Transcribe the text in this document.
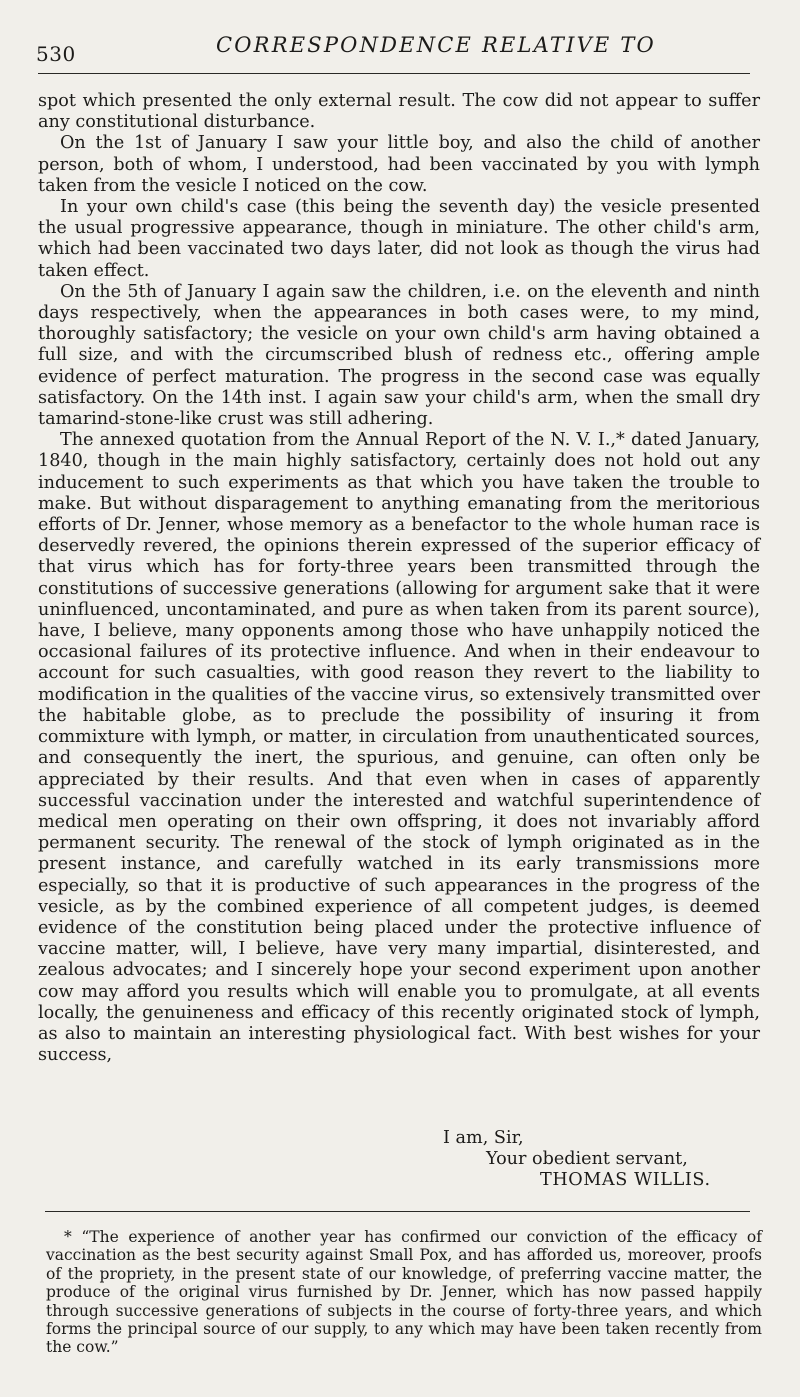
530	CORRESPONDENCE RELATIVE TO

spot which presented the only external result. The cow did not appear to suffer any constitutional disturbance.

On the 1st of January I saw your little boy, and also the child of another person, both of whom, I understood, had been vaccinated by you with lymph taken from the vesicle I noticed on the cow.

In your own child's case (this being the seventh day) the vesicle presented the usual progressive appearance, though in miniature. The other child's arm, which had been vaccinated two days later, did not look as though the virus had taken effect.

On the 5th of January I again saw the children, i.e. on the eleventh and ninth days respectively, when the appearances in both cases were, to my mind, thoroughly satisfactory; the vesicle on your own child's arm having obtained a full size, and with the circumscribed blush of redness etc., offering ample evidence of perfect maturation. The progress in the second case was equally satisfactory. On the 14th inst. I again saw your child's arm, when the small dry tamarind-stone-like crust was still adhering.

The annexed quotation from the Annual Report of the N. V. I.,* dated January, 1840, though in the main highly satisfactory, certainly does not hold out any inducement to such experiments as that which you have taken the trouble to make. But without disparagement to anything emanating from the meritorious efforts of Dr. Jenner, whose memory as a benefactor to the whole human race is deservedly revered, the opinions therein expressed of the superior efficacy of that virus which has for forty-three years been transmitted through the constitutions of successive generations (allowing for argument sake that it were uninfluenced, uncontaminated, and pure as when taken from its parent source), have, I believe, many opponents among those who have unhappily noticed the occasional failures of its protective influence. And when in their endeavour to account for such casualties, with good reason they revert to the liability to modification in the qualities of the vaccine virus, so extensively transmitted over the habitable globe, as to preclude the possibility of insuring it from commixture with lymph, or matter, in circulation from unauthenticated sources, and consequently the inert, the spurious, and genuine, can often only be appreciated by their results. And that even when in cases of apparently successful vaccination under the interested and watchful superintendence of medical men operating on their own offspring, it does not invariably afford permanent security. The renewal of the stock of lymph originated as in the present instance, and carefully watched in its early transmissions more especially, so that it is productive of such appearances in the progress of the vesicle, as by the combined experience of all competent judges, is deemed evidence of the constitution being placed under the protective influence of vaccine matter, will, I believe, have very many impartial, disinterested, and zealous advocates; and I sincerely hope your second experiment upon another cow may afford you results which will enable you to promulgate, at all events locally, the genuineness and efficacy of this recently originated stock of lymph, as also to maintain an interesting physiological fact. With best wishes for your success,

I am, Sir,
Your obedient servant,
THOMAS WILLIS.

* “The experience of another year has confirmed our conviction of the efficacy of vaccination as the best security against Small Pox, and has afforded us, moreover, proofs of the propriety, in the present state of our knowledge, of preferring vaccine matter, the produce of the original virus furnished by Dr. Jenner, which has now passed happily through successive generations of subjects in the course of forty-three years, and which forms the principal source of our supply, to any which may have been taken recently from the cow.”
